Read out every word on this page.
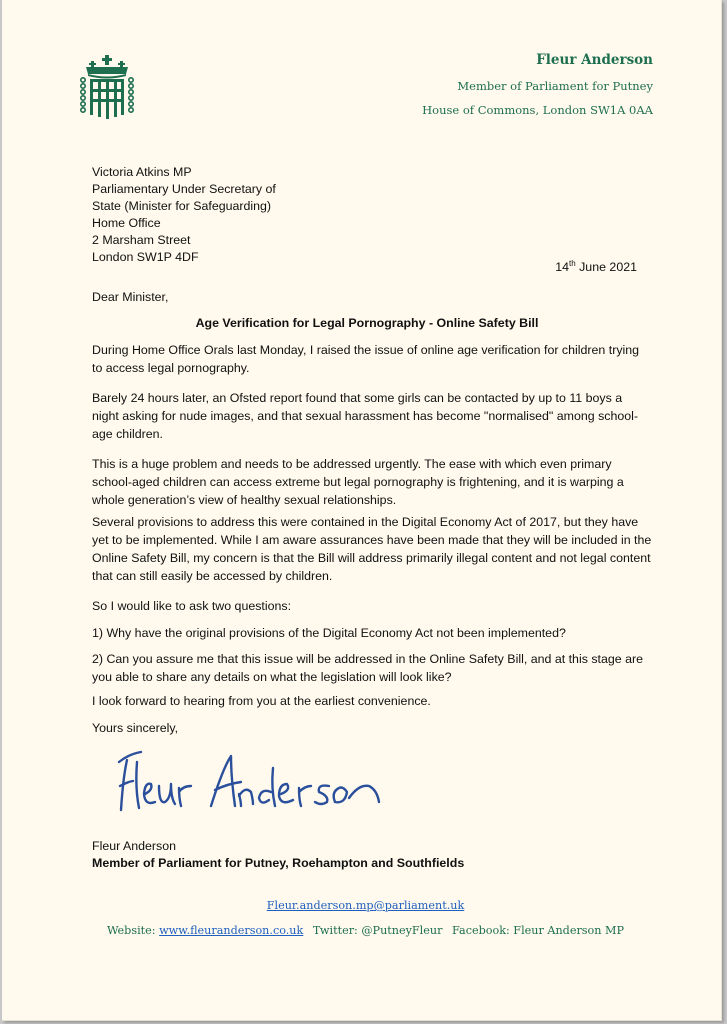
Fleur Anderson
Member of Parliament for Putney
House of Commons, London SW1A 0AA
Victoria Atkins MP
Parliamentary Under Secretary of
State (Minister for Safeguarding)
Home Office
2 Marsham Street
London SW1P 4DF
14th June 2021
Dear Minister,
Age Verification for Legal Pornography - Online Safety Bill
During Home Office Orals last Monday, I raised the issue of online age verification for children trying to access legal pornography.
Barely 24 hours later, an Ofsted report found that some girls can be contacted by up to 11 boys a night asking for nude images, and that sexual harassment has become "normalised" among school-age children.
This is a huge problem and needs to be addressed urgently. The ease with which even primary school-aged children can access extreme but legal pornography is frightening, and it is warping a whole generation’s view of healthy sexual relationships.
Several provisions to address this were contained in the Digital Economy Act of 2017, but they have yet to be implemented. While I am aware assurances have been made that they will be included in the Online Safety Bill, my concern is that the Bill will address primarily illegal content and not legal content that can still easily be accessed by children.
So I would like to ask two questions:
1) Why have the original provisions of the Digital Economy Act not been implemented?
2) Can you assure me that this issue will be addressed in the Online Safety Bill, and at this stage are you able to share any details on what the legislation will look like?
I look forward to hearing from you at the earliest convenience.
Yours sincerely,
Fleur Anderson
Member of Parliament for Putney, Roehampton and Southfields
Fleur.anderson.mp@parliament.uk
Website: www.fleuranderson.co.uk Twitter: @PutneyFleur Facebook: Fleur Anderson MP
